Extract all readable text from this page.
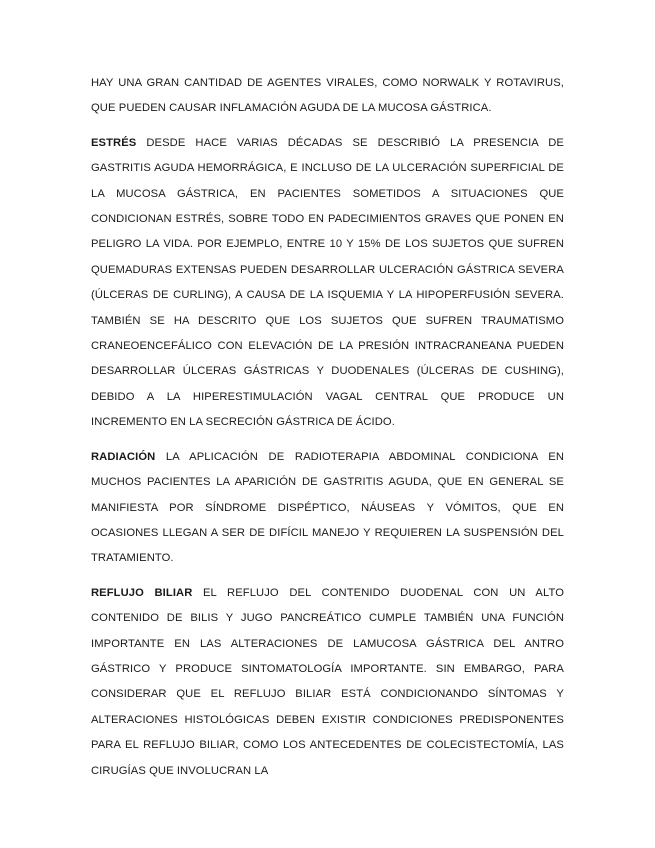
HAY UNA GRAN CANTIDAD DE AGENTES VIRALES, COMO NORWALK Y ROTAVIRUS, QUE PUEDEN CAUSAR INFLAMACIÓN AGUDA DE LA MUCOSA GÁSTRICA.

ESTRÉS DESDE HACE VARIAS DÉCADAS SE DESCRIBIÓ LA PRESENCIA DE GASTRITIS AGUDA HEMORRÁGICA, E INCLUSO DE LA ULCERACIÓN SUPERFICIAL DE LA MUCOSA GÁSTRICA, EN PACIENTES SOMETIDOS A SITUACIONES QUE CONDICIONAN ESTRÉS, SOBRE TODO EN PADECIMIENTOS GRAVES QUE PONEN EN PELIGRO LA VIDA. POR EJEMPLO, ENTRE 10 Y 15% DE LOS SUJETOS QUE SUFREN QUEMADURAS EXTENSAS PUEDEN DESARROLLAR ULCERACIÓN GÁSTRICA SEVERA (ÚLCERAS DE CURLING), A CAUSA DE LA ISQUEMIA Y LA HIPOPERFUSIÓN SEVERA. TAMBIÉN SE HA DESCRITO QUE LOS SUJETOS QUE SUFREN TRAUMATISMO CRANEOENCEFÁLICO CON ELEVACIÓN DE LA PRESIÓN INTRACRANEANA PUEDEN DESARROLLAR ÚLCERAS GÁSTRICAS Y DUODENALES (ÚLCERAS DE CUSHING), DEBIDO A LA HIPERESTIMULACIÓN VAGAL CENTRAL QUE PRODUCE UN INCREMENTO EN LA SECRECIÓN GÁSTRICA DE ÁCIDO.

RADIACIÓN LA APLICACIÓN DE RADIOTERAPIA ABDOMINAL CONDICIONA EN MUCHOS PACIENTES LA APARICIÓN DE GASTRITIS AGUDA, QUE EN GENERAL SE MANIFIESTA POR SÍNDROME DISPÉPTICO, NÁUSEAS Y VÓMITOS, QUE EN OCASIONES LLEGAN A SER DE DIFÍCIL MANEJO Y REQUIEREN LA SUSPENSIÓN DEL TRATAMIENTO.

REFLUJO BILIAR EL REFLUJO DEL CONTENIDO DUODENAL CON UN ALTO CONTENIDO DE BILIS Y JUGO PANCREÁTICO CUMPLE TAMBIÉN UNA FUNCIÓN IMPORTANTE EN LAS ALTERACIONES DE LAMUCOSA GÁSTRICA DEL ANTRO GÁSTRICO Y PRODUCE SINTOMATOLOGÍA IMPORTANTE. SIN EMBARGO, PARA CONSIDERAR QUE EL REFLUJO BILIAR ESTÁ CONDICIONANDO SÍNTOMAS Y ALTERACIONES HISTOLÓGICAS DEBEN EXISTIR CONDICIONES PREDISPONENTES PARA EL REFLUJO BILIAR, COMO LOS ANTECEDENTES DE COLECISTECTOMÍA, LAS CIRUGÍAS QUE INVOLUCRAN LA
